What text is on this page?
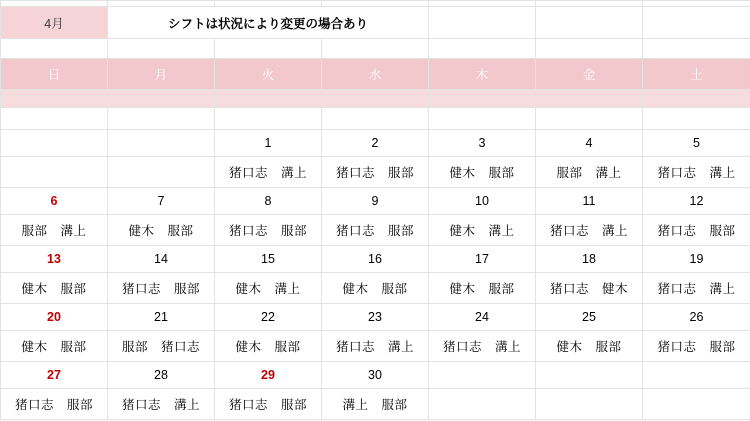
4月	シフトは状況により変更の場合あり					

日	月	火	水	木	金	土

		1	2	3	4	5
		猪口志　溝上	猪口志　服部	健木　服部	服部　溝上	猪口志　溝上
6	7	8	9	10	11	12
服部　溝上	健木　服部	猪口志　服部	猪口志　服部	健木　溝上	猪口志　溝上	猪口志　服部
13	14	15	16	17	18	19
健木　服部	猪口志　服部	健木　溝上	健木　服部	健木　服部	猪口志　健木	猪口志　溝上
20	21	22	23	24	25	26
健木　服部	服部　猪口志	健木　服部	猪口志　溝上	猪口志　溝上	健木　服部	猪口志　服部
27	28	29	30			
猪口志　服部	猪口志　溝上	猪口志　服部	溝上　服部			
